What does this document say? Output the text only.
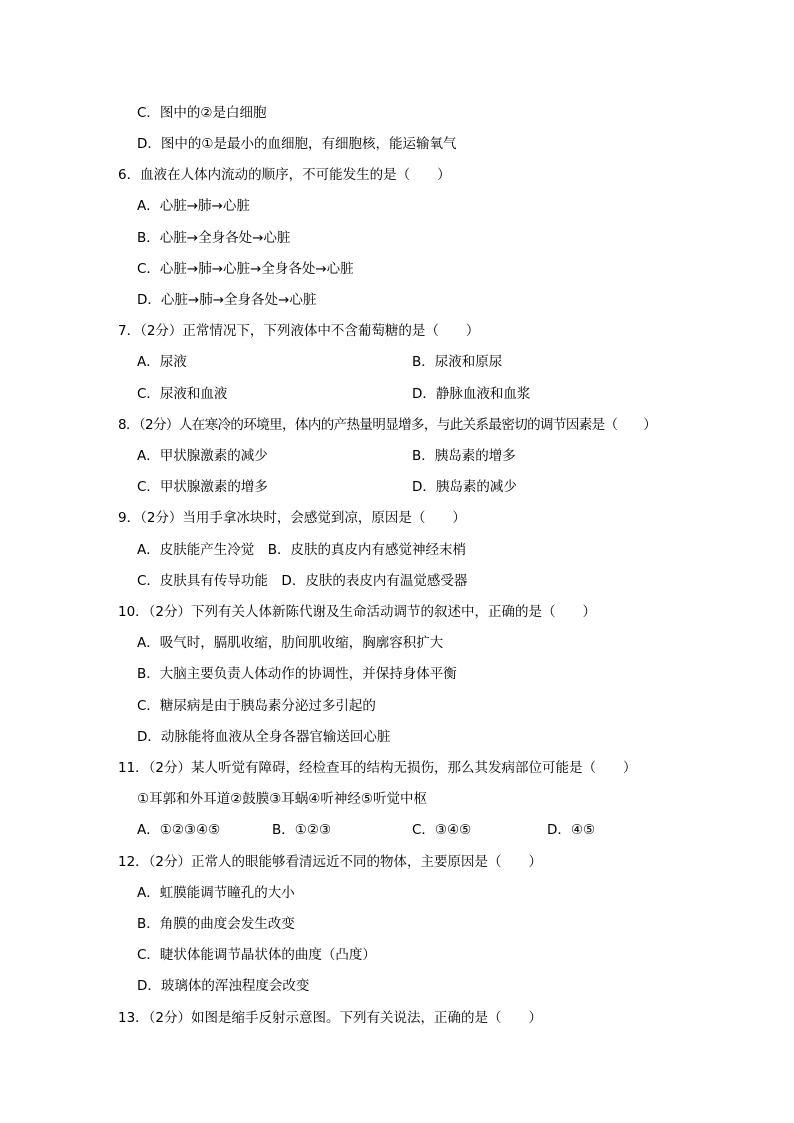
C．图中的②是白细胞
D．图中的①是最小的血细胞，有细胞核，能运输氧气
6．血液在人体内流动的顺序，不可能发生的是（　　）
A．心脏→肺→心脏
B．心脏→全身各处→心脏
C．心脏→肺→心脏→全身各处→心脏
D．心脏→肺→全身各处→心脏
7．（2分）正常情况下，下列液体中不含葡萄糖的是（　　）
A．尿液	B．尿液和原尿
C．尿液和血液	D．静脉血液和血浆
8．（2分）人在寒冷的环境里，体内的产热量明显增多，与此关系最密切的调节因素是（　　）
A．甲状腺激素的减少	B．胰岛素的增多
C．甲状腺激素的增多	D．胰岛素的减少
9．（2分）当用手拿冰块时，会感觉到凉，原因是（　　）
A．皮肤能产生冷觉　B．皮肤的真皮内有感觉神经末梢
C．皮肤具有传导功能　D．皮肤的表皮内有温觉感受器
10．（2分）下列有关人体新陈代谢及生命活动调节的叙述中，正确的是（　　）
A．吸气时，膈肌收缩，肋间肌收缩，胸廓容积扩大
B．大脑主要负责人体动作的协调性，并保持身体平衡
C．糖尿病是由于胰岛素分泌过多引起的
D．动脉能将血液从全身各器官输送回心脏
11．（2分）某人听觉有障碍，经检查耳的结构无损伤，那么其发病部位可能是（　　）
①耳郭和外耳道②鼓膜③耳蜗④听神经⑤听觉中枢
A．①②③④⑤	B．①②③	C．③④⑤	D．④⑤
12．（2分）正常人的眼能够看清远近不同的物体，主要原因是（　　）
A．虹膜能调节瞳孔的大小
B．角膜的曲度会发生改变
C．睫状体能调节晶状体的曲度（凸度）
D．玻璃体的浑浊程度会改变
13．（2分）如图是缩手反射示意图。下列有关说法，正确的是（　　）
